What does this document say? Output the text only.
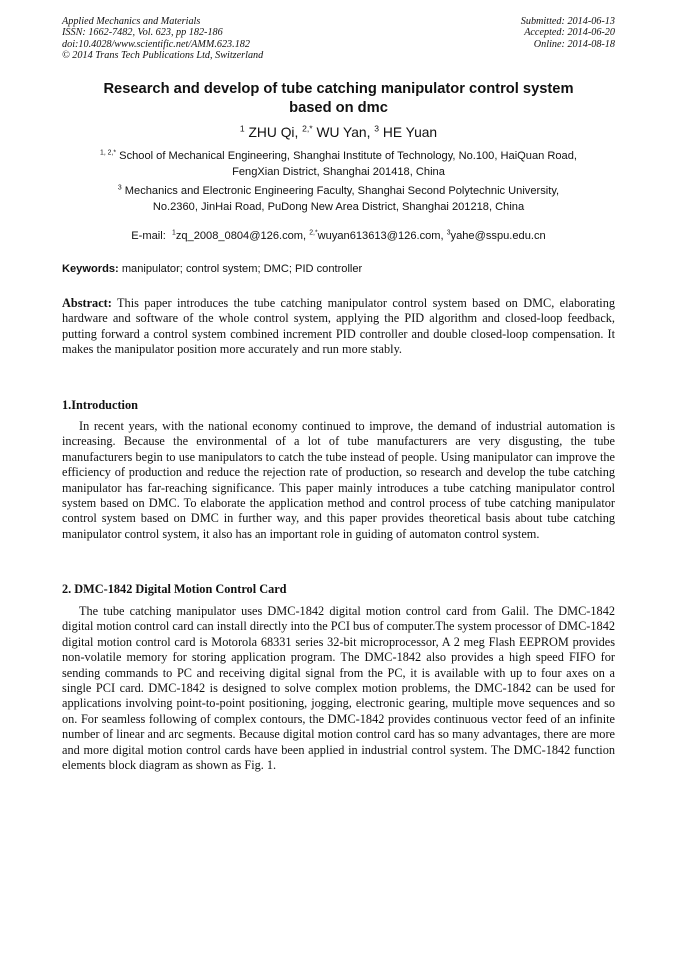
Applied Mechanics and Materials
ISSN: 1662-7482, Vol. 623, pp 182-186
doi:10.4028/www.scientific.net/AMM.623.182
© 2014 Trans Tech Publications Ltd, Switzerland
Submitted: 2014-06-13
Accepted: 2014-06-20
Online: 2014-08-18
Research and develop of tube catching manipulator control system
based on dmc
$^1$ ZHU Qi, $^{2,*}$ WU Yan, $^3$ HE Yuan
$^{1, 2,*}$ School of Mechanical Engineering, Shanghai Institute of Technology, No.100, HaiQuan Road,
FengXian District, Shanghai 201418, China
$^3$ Mechanics and Electronic Engineering Faculty, Shanghai Second Polytechnic University,
No.2360, JinHai Road, PuDong New Area District, Shanghai 201218, China
E-mail: $^1$zq_2008_0804@126.com, $^{2,*}$wuyan613613@126.com, $^3$yahe@sspu.edu.cn
Keywords: manipulator; control system; DMC; PID controller
Abstract: This paper introduces the tube catching manipulator control system based on DMC, elaborating hardware and software of the whole control system, applying the PID algorithm and closed-loop feedback, putting forward a control system combined increment PID controller and double closed-loop compensation. It makes the manipulator position more accurately and run more stably.
1.Introduction
In recent years, with the national economy continued to improve, the demand of industrial automation is increasing. Because the environmental of a lot of tube manufacturers are very disgusting, the tube manufacturers begin to use manipulators to catch the tube instead of people. Using manipulator can improve the efficiency of production and reduce the rejection rate of production, so research and develop the tube catching manipulator has far-reaching significance. This paper mainly introduces a tube catching manipulator control system based on DMC. To elaborate the application method and control process of tube catching manipulator control system based on DMC in further way, and this paper provides theoretical basis about tube catching manipulator control system, it also has an important role in guiding of automaton control system.
2. DMC-1842 Digital Motion Control Card
The tube catching manipulator uses DMC-1842 digital motion control card from Galil. The DMC-1842 digital motion control card can install directly into the PCI bus of computer.The system processor of DMC-1842 digital motion control card is Motorola 68331 series 32-bit microprocessor, A 2 meg Flash EEPROM provides non-volatile memory for storing application program. The DMC-1842 also provides a high speed FIFO for sending commands to PC and receiving digital signal from the PC, it is available with up to four axes on a single PCI card. DMC-1842 is designed to solve complex motion problems, the DMC-1842 can be used for applications involving point-to-point positioning, jogging, electronic gearing, multiple move sequences and so on. For seamless following of complex contours, the DMC-1842 provides continuous vector feed of an infinite number of linear and arc segments. Because digital motion control card has so many advantages, there are more and more digital motion control cards have been applied in industrial control system. The DMC-1842 function elements block diagram as shown as Fig. 1.
